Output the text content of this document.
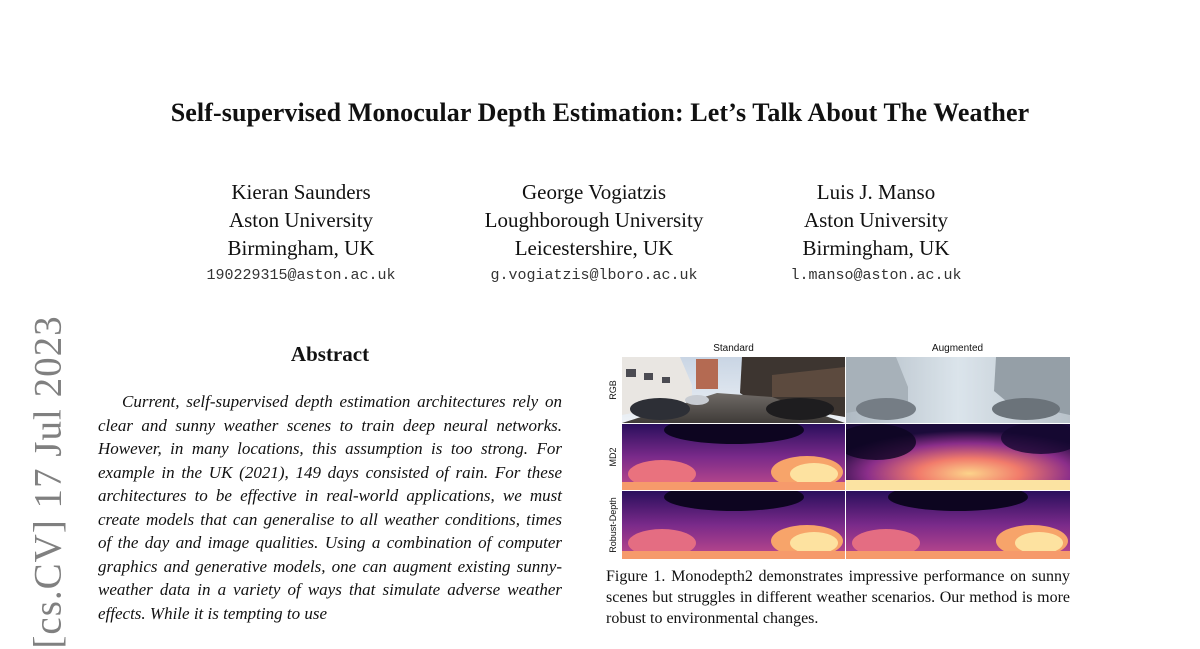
Self-supervised Monocular Depth Estimation: Let’s Talk About The Weather
Kieran Saunders
Aston University
Birmingham, UK
190229315@aston.ac.uk
George Vogiatzis
Loughborough University
Leicestershire, UK
g.vogiatzis@lboro.ac.uk
Luis J. Manso
Aston University
Birmingham, UK
l.manso@aston.ac.uk
[cs.CV] 17 Jul 2023	Abstract
Current, self-supervised depth estimation architectures rely on clear and sunny weather scenes to train deep neural networks. However, in many locations, this assumption is too strong. For example in the UK (2021), 149 days consisted of rain. For these architectures to be effective in real-world applications, we must create models that can generalise to all weather conditions, times of the day and image qualities. Using a combination of computer graphics and generative models, one can augment existing sunny-weather data in a variety of ways that simulate adverse weather effects. While it is tempting to use
Standard	Augmented
RGB
MD2
Robust-Depth
Figure 1. Monodepth2 demonstrates impressive performance on sunny scenes but struggles in different weather scenarios. Our method is more robust to environmental changes.
